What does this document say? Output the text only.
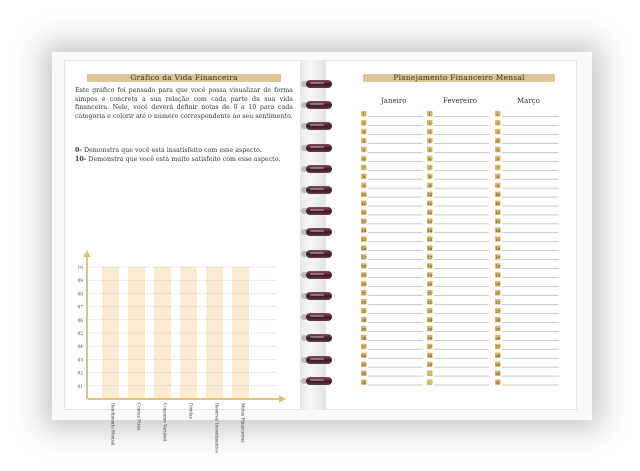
Gráfico da Vida Financeira
Este gráfico foi pensado para que você possa visualizar de forma simpes e concreta a sua relação com cada parte da sua vida financeira. Nele, você deverá definir notas de 0 a 10 para cada categoria e colorir até o número correspondente ao seu sentimento.
0- Demonstra que você está insatisfeito com esse aspecto.
10- Demonstra que você está muito satisfeito com esse aspecto.
10
09
08
07
06
05
04
03
02
01
Rendimento Mensal	Contas Fixas	Consumo Variável	Dívidas	Reserva/ Investimentos	Metas Financeiras
Planejamento Financeiro Mensal
Janeiro	Fevereiro	Março
1
2
3
4
5
6
7
8
9
10
11
12
13
14
15
16
17
18
19
20
21
22
23
24
25
26
27
28
29
30
31
1
2
3
4
5
6
7
8
9
10
11
12
13
14
15
16
17
18
19
20
21
22
23
24
25
26
27
28
29
1
2
3
4
5
6
7
8
9
10
11
12
13
14
15
16
17
18
19
20
21
22
23
24
25
26
27
28
29
30
31
